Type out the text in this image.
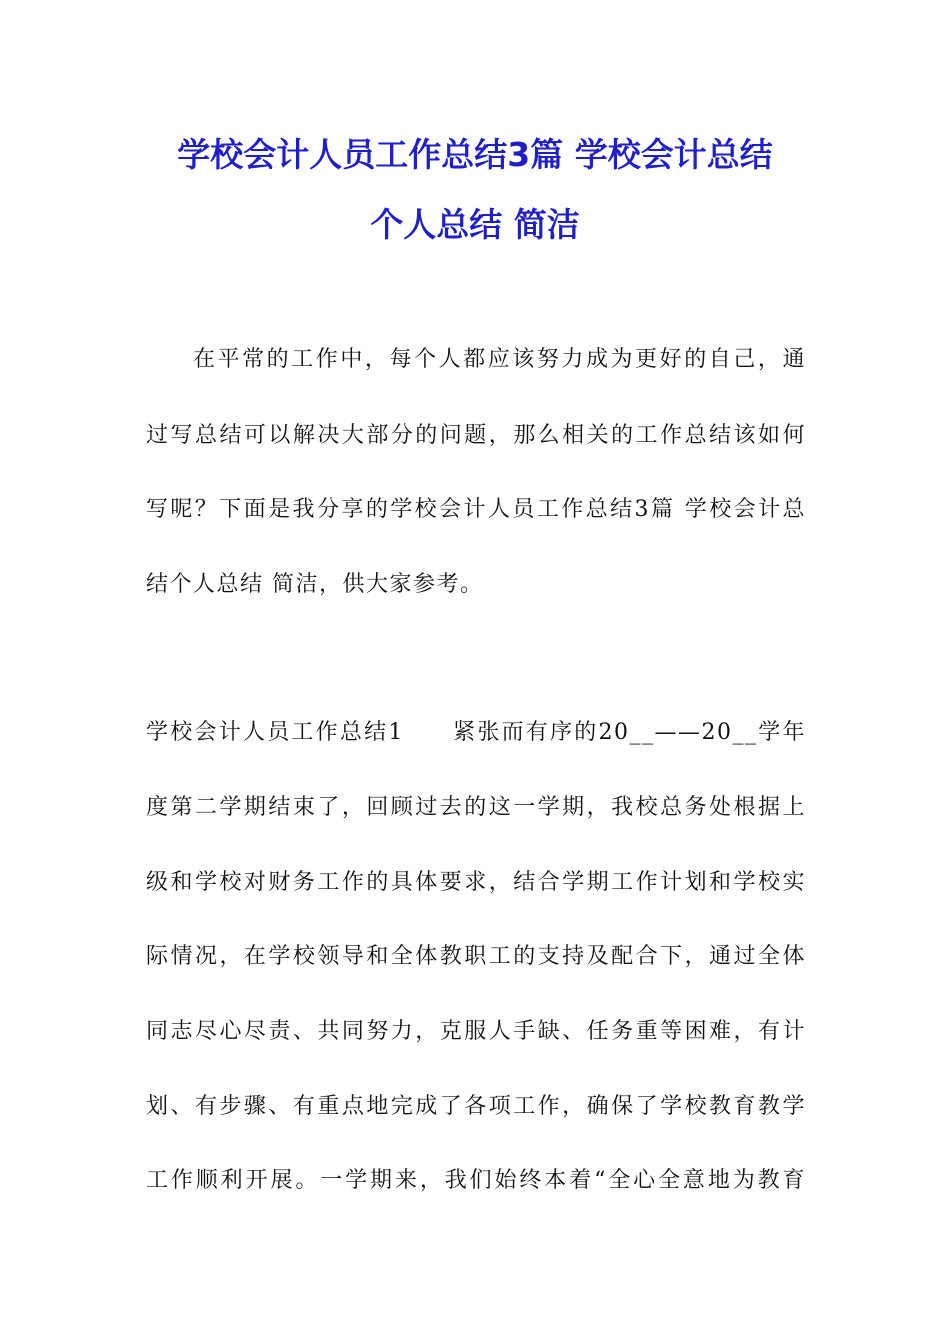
学校会计人员工作总结3篇 学校会计总结
个人总结 简洁
在平常的工作中，每个人都应该努力成为更好的自己，通
过写总结可以解决大部分的问题，那么相关的工作总结该如何
写呢？下面是我分享的学校会计人员工作总结3篇 学校会计总
结个人总结 简洁，供大家参考。
学校会计人员工作总结1　　紧张而有序的20__——20__学年
度第二学期结束了，回顾过去的这一学期，我校总务处根据上
级和学校对财务工作的具体要求，结合学期工作计划和学校实
际情况，在学校领导和全体教职工的支持及配合下，通过全体
同志尽心尽责、共同努力，克服人手缺、任务重等困难，有计
划、有步骤、有重点地完成了各项工作，确保了学校教育教学
工作顺利开展。一学期来，我们始终本着“全心全意地为教育
